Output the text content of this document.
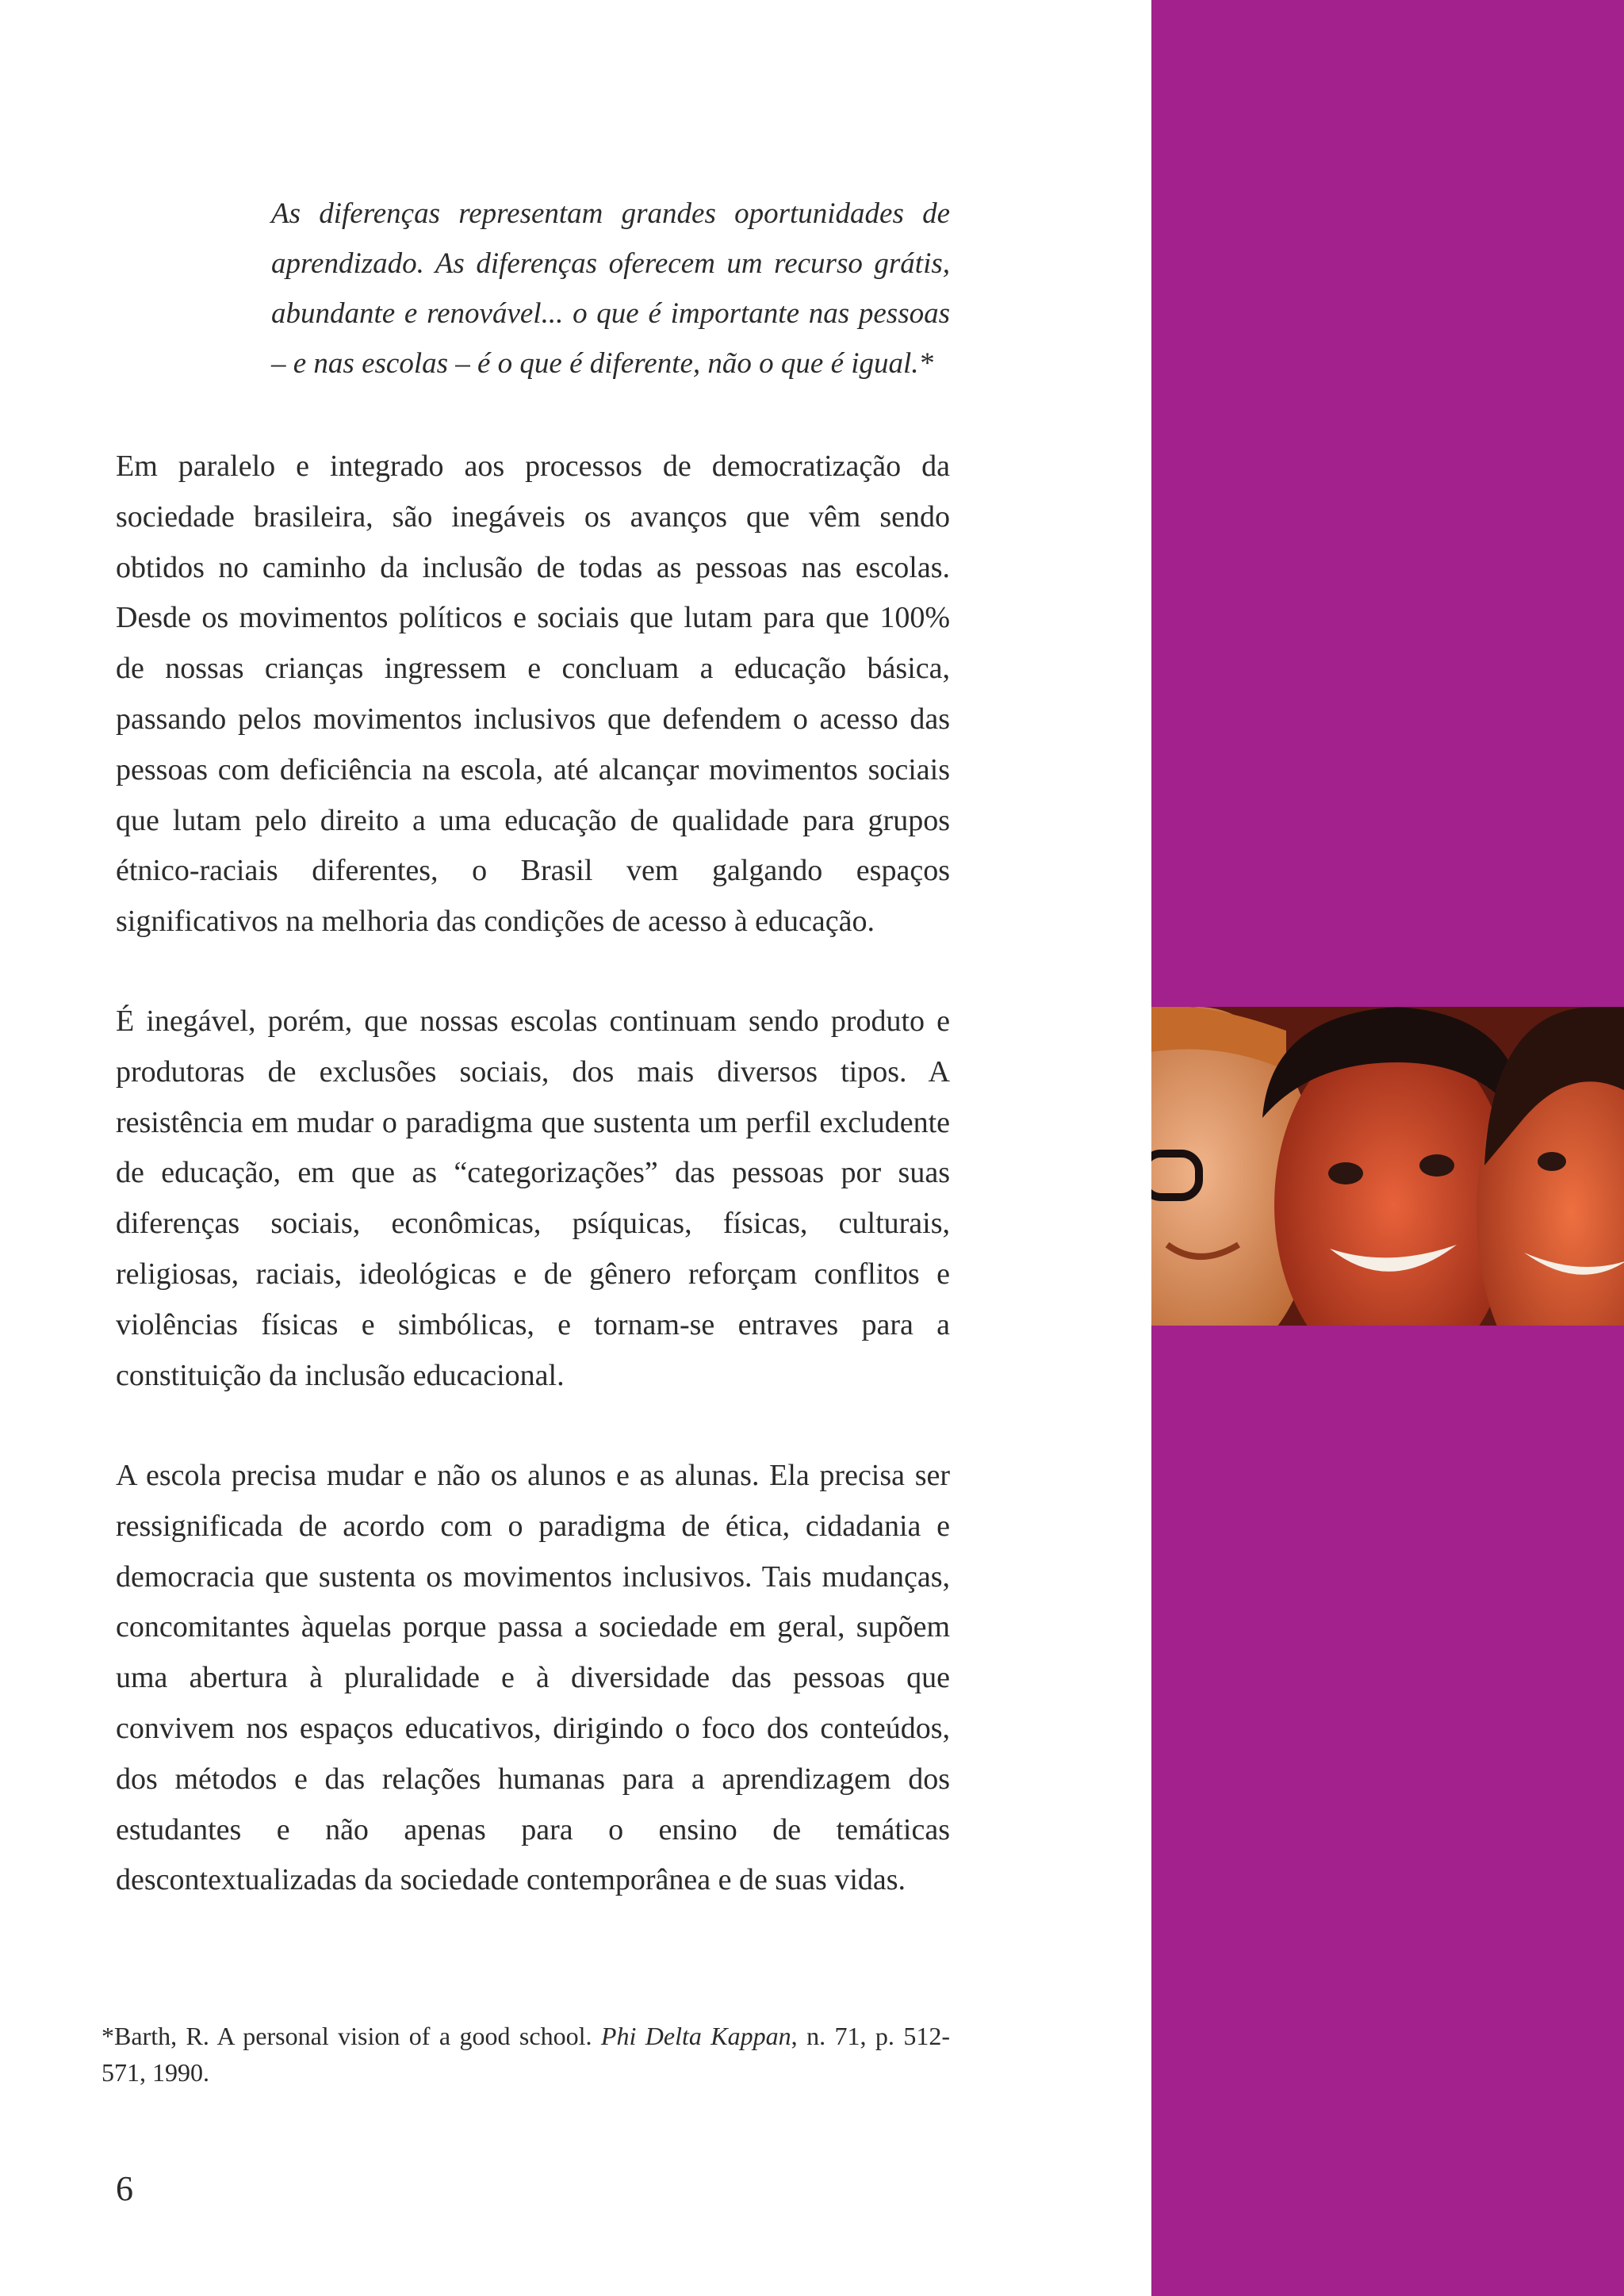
As diferenças representam grandes oportunidades de aprendizado. As diferenças oferecem um recurso grátis, abundante e renovável... o que é importante nas pessoas – e nas escolas – é o que é diferente, não o que é igual.*

Em paralelo e integrado aos processos de democratização da sociedade brasileira, são inegáveis os avanços que vêm sendo obtidos no caminho da inclusão de todas as pessoas nas escolas. Desde os movimentos políticos e sociais que lutam para que 100% de nossas crianças ingressem e concluam a educação básica, passando pelos movimentos inclusivos que defendem o acesso das pessoas com deficiência na escola, até alcançar movimentos sociais que lutam pelo direito a uma educação de qualidade para grupos étnico-raciais diferentes, o Brasil vem galgando espaços significativos na melhoria das condições de acesso à educação.

É inegável, porém, que nossas escolas continuam sendo produto e produtoras de exclusões sociais, dos mais diversos tipos. A resistência em mudar o paradigma que sustenta um perfil excludente de educação, em que as “categorizações” das pessoas por suas diferenças sociais, econômicas, psíquicas, físicas, culturais, religiosas, raciais, ideológicas e de gênero reforçam conflitos e violências físicas e simbólicas, e tornam-se entraves para a constituição da inclusão educacional.

A escola precisa mudar e não os alunos e as alunas. Ela precisa ser ressignificada de acordo com o paradigma de ética, cidadania e democracia que sustenta os movimentos inclusivos. Tais mudanças, concomitantes àquelas porque passa a sociedade em geral, supõem uma abertura à pluralidade e à diversidade das pessoas que convivem nos espaços educativos, dirigindo o foco dos conteúdos, dos métodos e das relações humanas para a aprendizagem dos estudantes e não apenas para o ensino de temáticas descontextualizadas da sociedade contemporânea e de suas vidas.

*Barth, R. A personal vision of a good school. Phi Delta Kappan, n. 71, p. 512-571, 1990.

6
